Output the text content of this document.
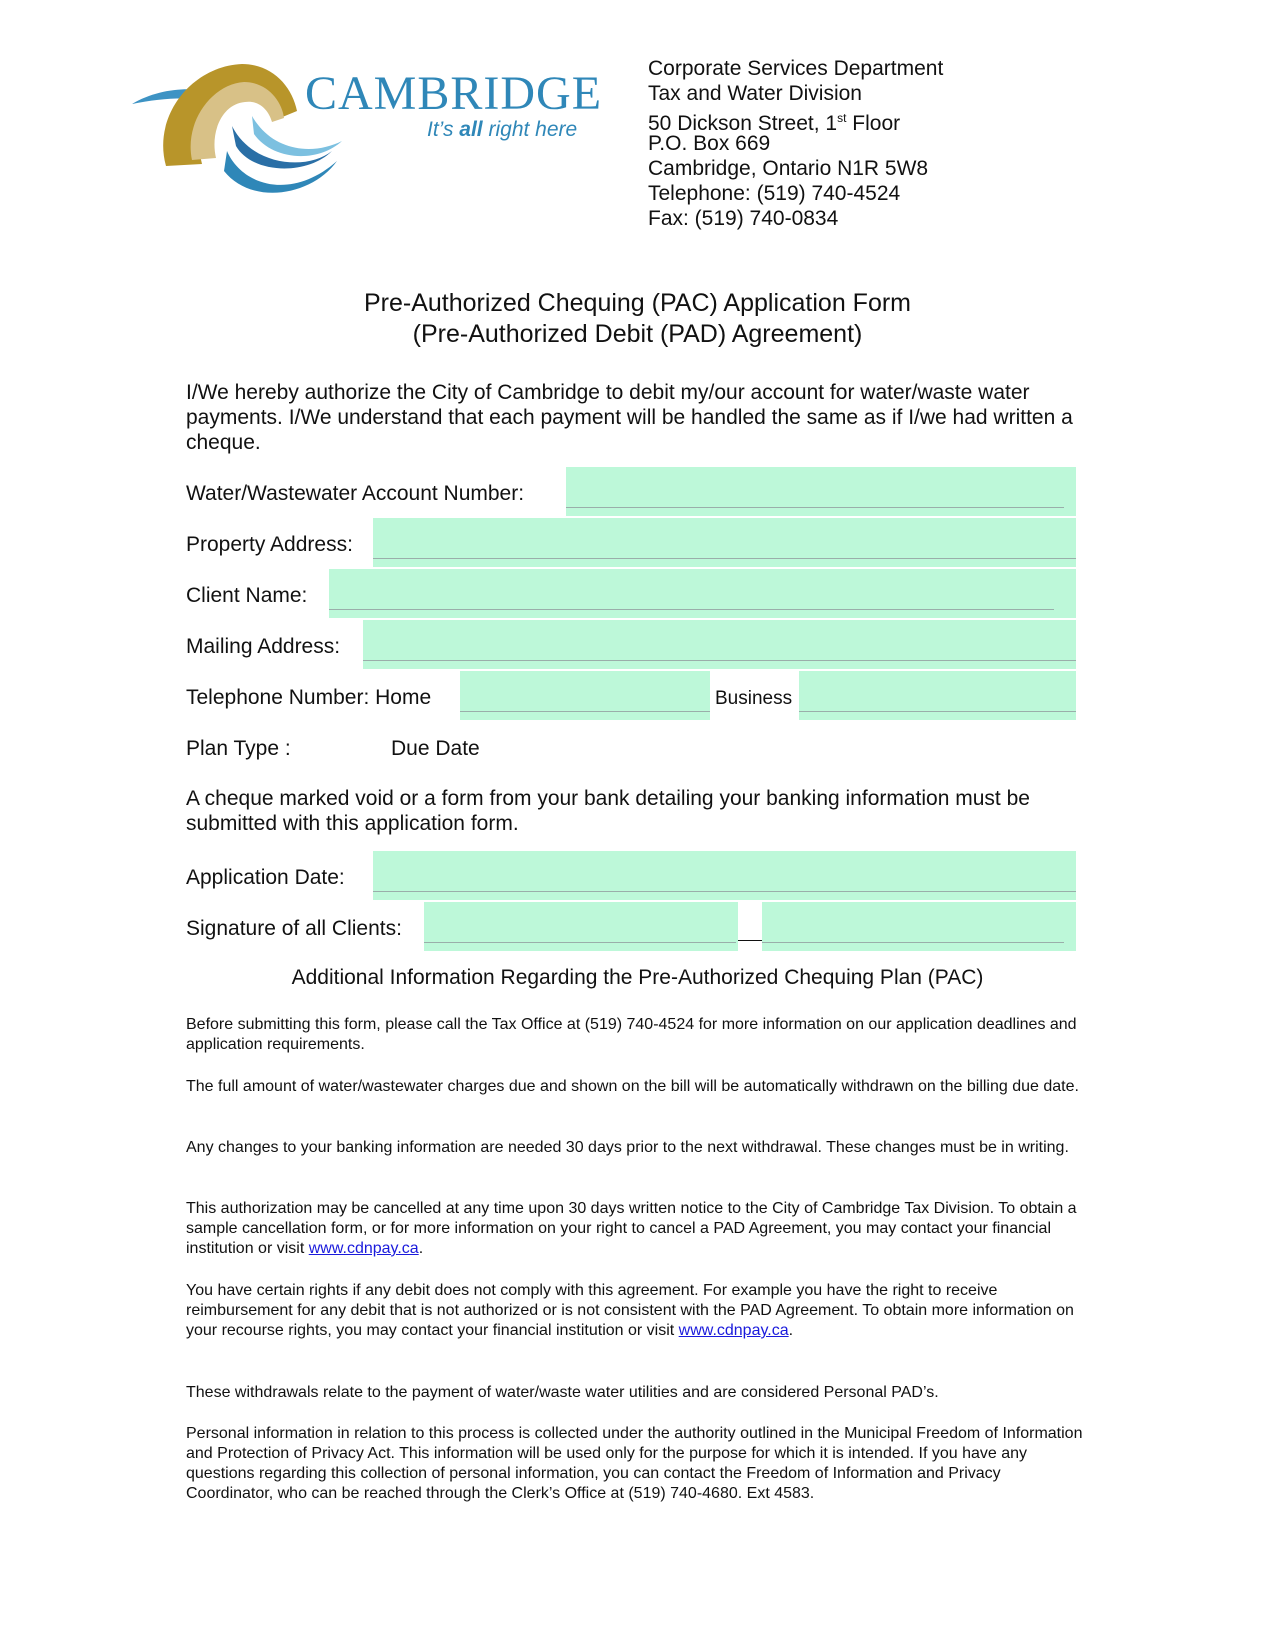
CAMBRIDGE
It’s all right here
Corporate Services Department
Tax and Water Division
50 Dickson Street, 1st Floor
P.O. Box 669
Cambridge, Ontario N1R 5W8
Telephone: (519) 740-4524
Fax: (519) 740-0834
Pre-Authorized Chequing (PAC) Application Form
(Pre-Authorized Debit (PAD) Agreement)
I/We hereby authorize the City of Cambridge to debit my/our account for water/waste water payments. I/We understand that each payment will be handled the same as if I/we had written a cheque.
Water/Wastewater Account Number:
Property Address:
Client Name:
Mailing Address:
Telephone Number: Home	Business
Plan Type :	Due Date
A cheque marked void or a form from your bank detailing your banking information must be submitted with this application form.
Application Date:
Signature of all Clients:
Additional Information Regarding the Pre-Authorized Chequing Plan (PAC)
Before submitting this form, please call the Tax Office at (519) 740-4524 for more information on our application deadlines and application requirements.
The full amount of water/wastewater charges due and shown on the bill will be automatically withdrawn on the billing due date.
Any changes to your banking information are needed 30 days prior to the next withdrawal. These changes must be in writing.
This authorization may be cancelled at any time upon 30 days written notice to the City of Cambridge Tax Division. To obtain a sample cancellation form, or for more information on your right to cancel a PAD Agreement, you may contact your financial institution or visit www.cdnpay.ca.
You have certain rights if any debit does not comply with this agreement. For example you have the right to receive reimbursement for any debit that is not authorized or is not consistent with the PAD Agreement. To obtain more information on your recourse rights, you may contact your financial institution or visit www.cdnpay.ca.
These withdrawals relate to the payment of water/waste water utilities and are considered Personal PAD’s.
Personal information in relation to this process is collected under the authority outlined in the Municipal Freedom of Information and Protection of Privacy Act. This information will be used only for the purpose for which it is intended. If you have any questions regarding this collection of personal information, you can contact the Freedom of Information and Privacy Coordinator, who can be reached through the Clerk’s Office at (519) 740-4680. Ext 4583.
